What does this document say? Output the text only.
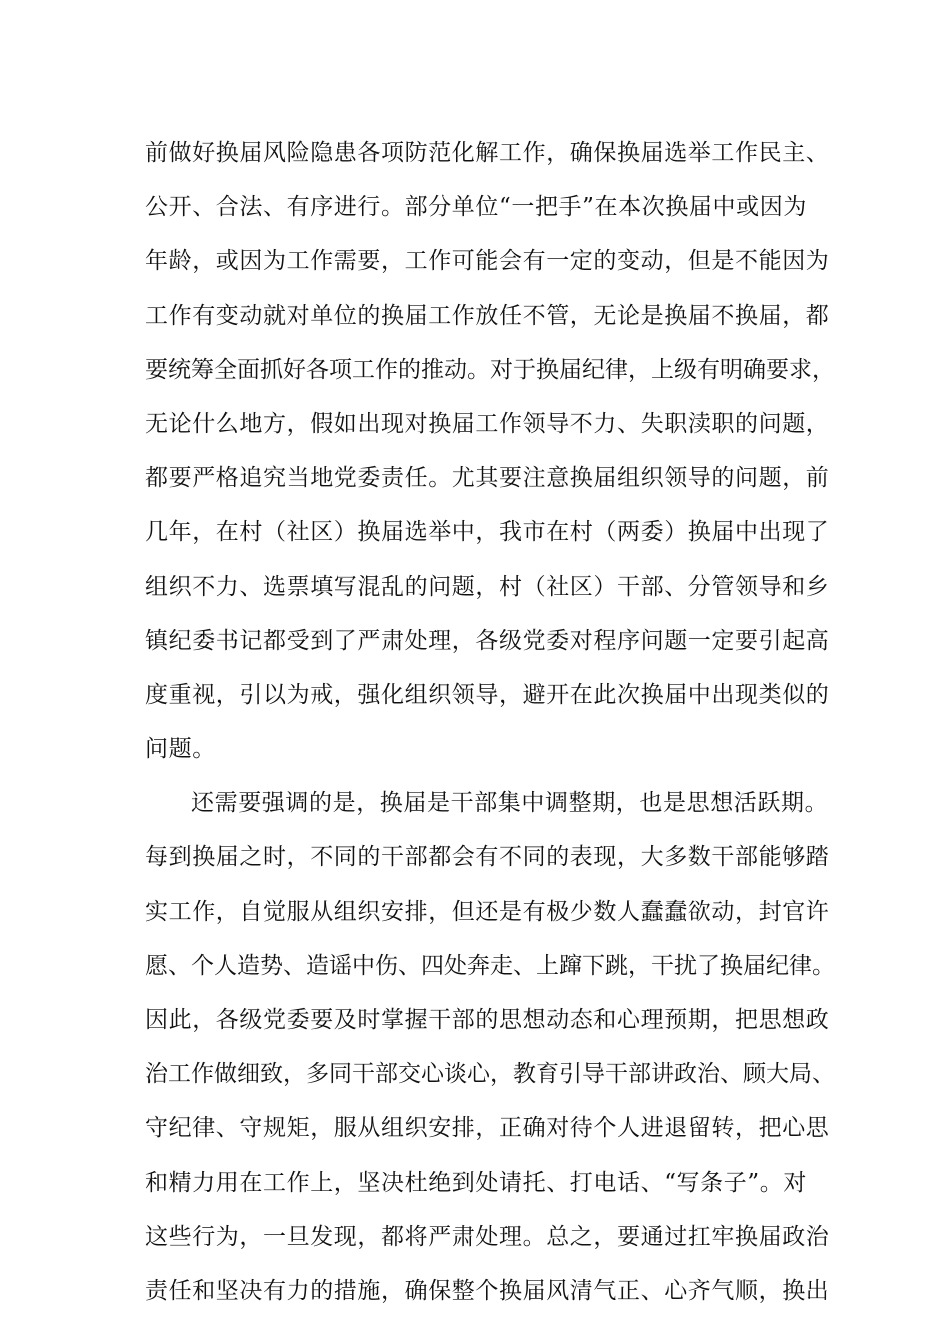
前做好换届风险隐患各项防范化解工作，确保换届选举工作民主、
公开、合法、有序进行。部分单位“一把手”在本次换届中或因为
年龄，或因为工作需要，工作可能会有一定的变动，但是不能因为
工作有变动就对单位的换届工作放任不管，无论是换届不换届，都
要统筹全面抓好各项工作的推动。对于换届纪律，上级有明确要求，
无论什么地方，假如出现对换届工作领导不力、失职渎职的问题，
都要严格追究当地党委责任。尤其要注意换届组织领导的问题，前
几年，在村（社区）换届选举中，我市在村（两委）换届中出现了
组织不力、选票填写混乱的问题，村（社区）干部、分管领导和乡
镇纪委书记都受到了严肃处理，各级党委对程序问题一定要引起高
度重视，引以为戒，强化组织领导，避开在此次换届中出现类似的
问题。
还需要强调的是，换届是干部集中调整期，也是思想活跃期。
每到换届之时，不同的干部都会有不同的表现，大多数干部能够踏
实工作，自觉服从组织安排，但还是有极少数人蠢蠢欲动，封官许
愿、个人造势、造谣中伤、四处奔走、上蹿下跳，干扰了换届纪律。
因此，各级党委要及时掌握干部的思想动态和心理预期，把思想政
治工作做细致，多同干部交心谈心，教育引导干部讲政治、顾大局、
守纪律、守规矩，服从组织安排，正确对待个人进退留转，把心思
和精力用在工作上，坚决杜绝到处请托、打电话、“写条子”。对
这些行为，一旦发现，都将严肃处理。总之，要通过扛牢换届政治
责任和坚决有力的措施，确保整个换届风清气正、心齐气顺，换出
